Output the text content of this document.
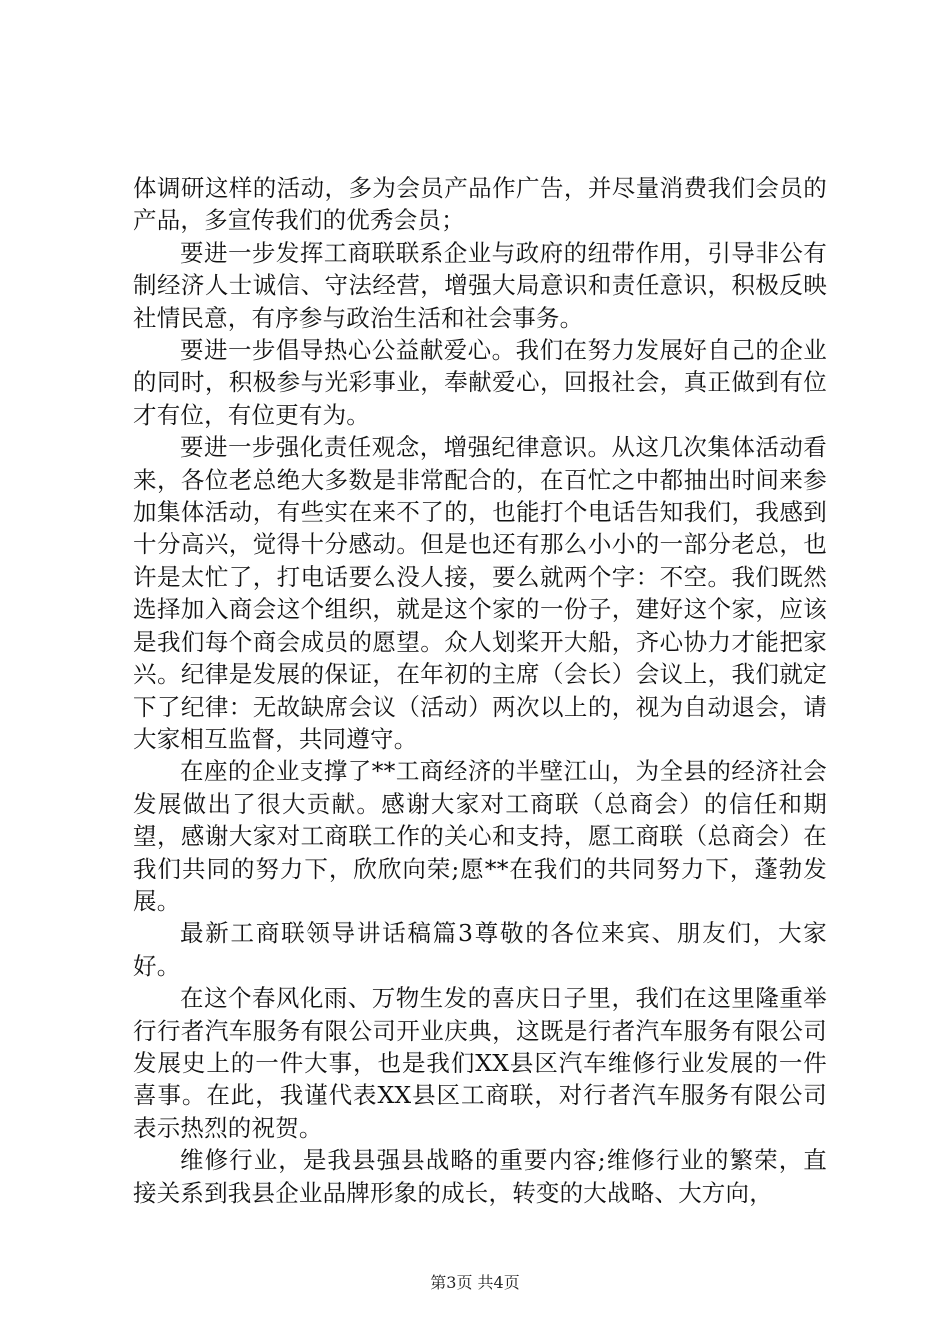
体调研这样的活动，多为会员产品作广告，并尽量消费我们会员的产品，多宣传我们的优秀会员；

要进一步发挥工商联联系企业与政府的纽带作用，引导非公有制经济人士诚信、守法经营，增强大局意识和责任意识，积极反映社情民意，有序参与政治生活和社会事务。

要进一步倡导热心公益献爱心。我们在努力发展好自己的企业的同时，积极参与光彩事业，奉献爱心，回报社会，真正做到有位才有位，有位更有为。

要进一步强化责任观念，增强纪律意识。从这几次集体活动看来，各位老总绝大多数是非常配合的，在百忙之中都抽出时间来参加集体活动，有些实在来不了的，也能打个电话告知我们，我感到十分高兴，觉得十分感动。但是也还有那么小小的一部分老总，也许是太忙了，打电话要么没人接，要么就两个字：不空。我们既然选择加入商会这个组织，就是这个家的一份子，建好这个家，应该是我们每个商会成员的愿望。众人划桨开大船，齐心协力才能把家兴。纪律是发展的保证，在年初的主席（会长）会议上，我们就定下了纪律：无故缺席会议（活动）两次以上的，视为自动退会，请大家相互监督，共同遵守。

在座的企业支撑了**工商经济的半壁江山，为全县的经济社会发展做出了很大贡献。感谢大家对工商联（总商会）的信任和期望，感谢大家对工商联工作的关心和支持，愿工商联（总商会）在我们共同的努力下，欣欣向荣;愿**在我们的共同努力下，蓬勃发展。

最新工商联领导讲话稿篇3尊敬的各位来宾、朋友们，大家好。

在这个春风化雨、万物生发的喜庆日子里，我们在这里隆重举行行者汽车服务有限公司开业庆典，这既是行者汽车服务有限公司发展史上的一件大事，也是我们XX县区汽车维修行业发展的一件喜事。在此，我谨代表XX县区工商联，对行者汽车服务有限公司表示热烈的祝贺。

维修行业，是我县强县战略的重要内容;维修行业的繁荣，直接关系到我县企业品牌形象的成长，转变的大战略、大方向，

第3页 共4页
